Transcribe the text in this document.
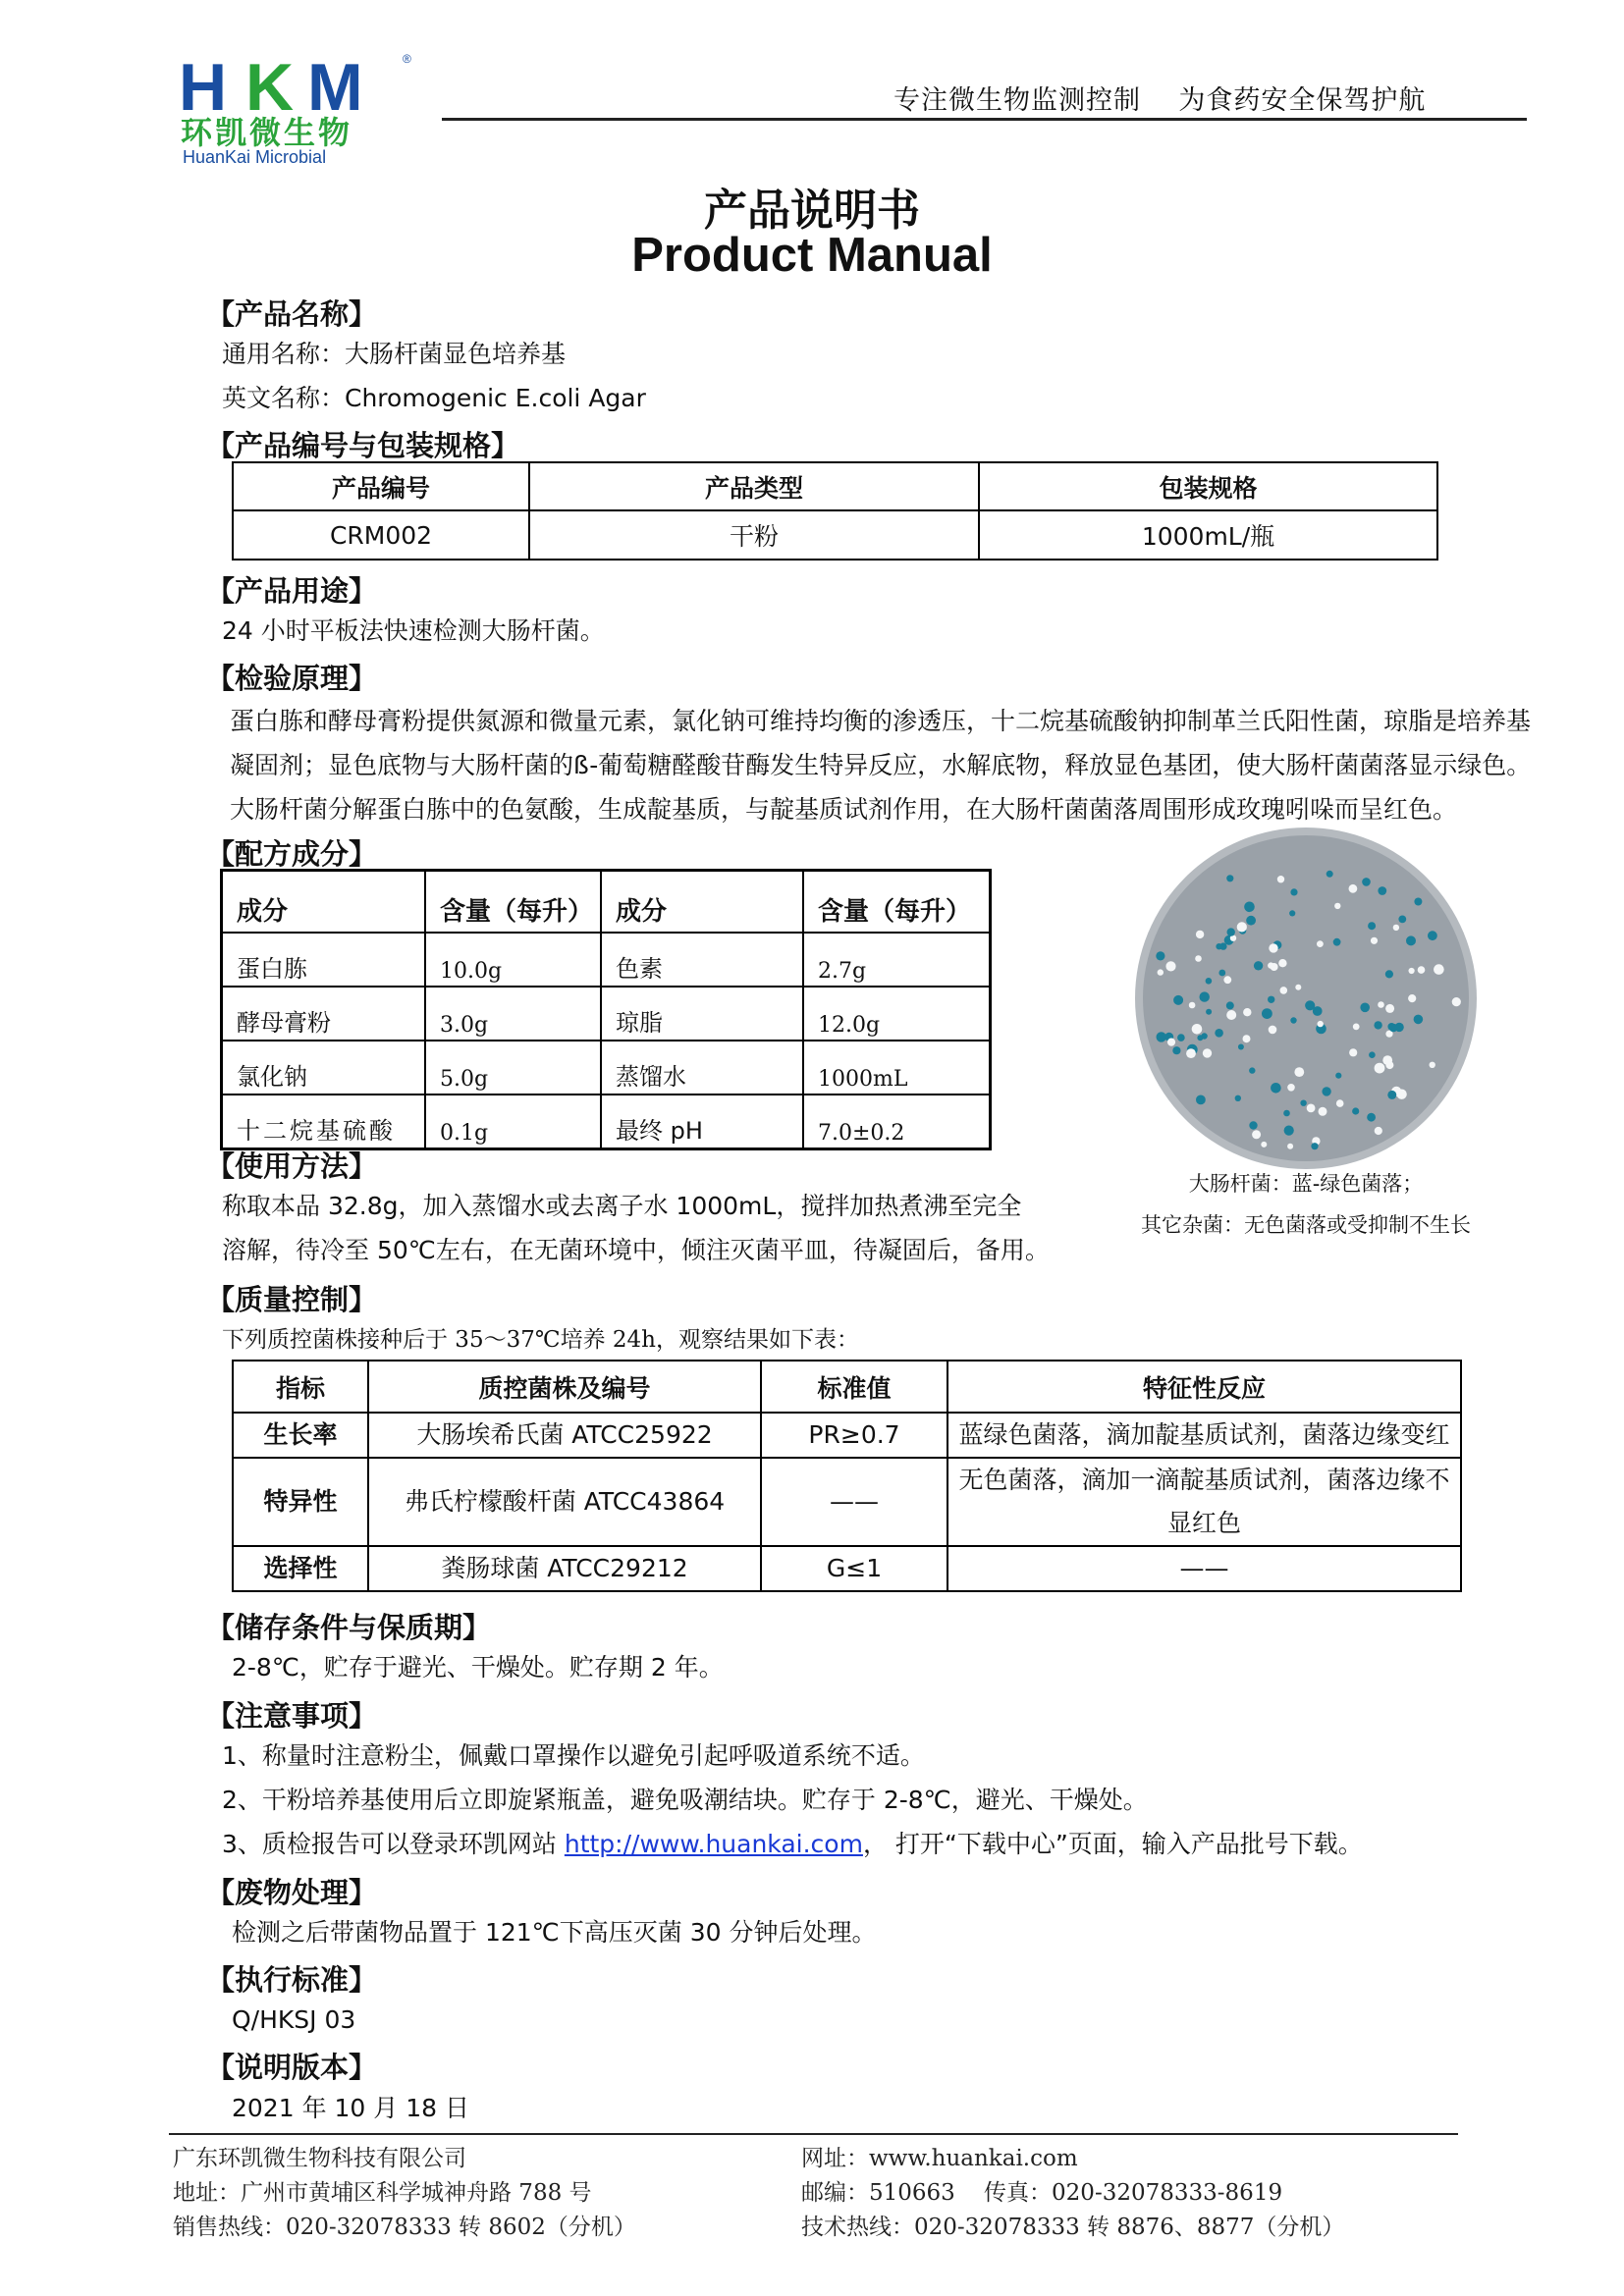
H K M	®
环凯微生物
HuanKai Microbial
专注微生物监测控制    为食药安全保驾护航
产品说明书
Product Manual
【产品名称】
通用名称：大肠杆菌显色培养基
英文名称：Chromogenic E.coli Agar
【产品编号与包装规格】
产品编号	产品类型	包装规格
CRM002	干粉	1000mL/瓶
【产品用途】
24 小时平板法快速检测大肠杆菌。
【检验原理】
蛋白胨和酵母膏粉提供氮源和微量元素，氯化钠可维持均衡的渗透压，十二烷基硫酸钠抑制革兰氏阳性菌，琼脂是培养基凝固剂；显色底物与大肠杆菌的ß-葡萄糖醛酸苷酶发生特异反应，水解底物，释放显色基团，使大肠杆菌菌落显示绿色。大肠杆菌分解蛋白胨中的色氨酸，生成靛基质，与靛基质试剂作用，在大肠杆菌菌落周围形成玫瑰吲哚而呈红色。
【配方成分】
成分	含量（每升）	成分	含量（每升）
蛋白胨	10.0g	色素	2.7g
酵母膏粉	3.0g	琼脂	12.0g
氯化钠	5.0g	蒸馏水	1000mL
十二烷基硫酸	0.1g	最终 pH	7.0±0.2
大肠杆菌：蓝-绿色菌落；
其它杂菌：无色菌落或受抑制不生长
【使用方法】
称取本品 32.8g，加入蒸馏水或去离子水 1000mL，搅拌加热煮沸至完全
溶解，待冷至 50℃左右，在无菌环境中，倾注灭菌平皿，待凝固后，备用。
【质量控制】
下列质控菌株接种后于 35～37℃培养 24h，观察结果如下表：
指标	质控菌株及编号	标准值	特征性反应
生长率	大肠埃希氏菌 ATCC25922	PR≥0.7	蓝绿色菌落，滴加靛基质试剂，菌落边缘变红
特异性	弗氏柠檬酸杆菌 ATCC43864	——	无色菌落，滴加一滴靛基质试剂，菌落边缘不显红色
选择性	粪肠球菌 ATCC29212	G≤1	——
【储存条件与保质期】
2-8℃，贮存于避光、干燥处。贮存期 2 年。
【注意事项】
1、称量时注意粉尘，佩戴口罩操作以避免引起呼吸道系统不适。
2、干粉培养基使用后立即旋紧瓶盖，避免吸潮结块。贮存于 2-8℃，避光、干燥处。
3、质检报告可以登录环凯网站 http://www.huankai.com， 打开“下载中心”页面，输入产品批号下载。
【废物处理】
检测之后带菌物品置于 121℃下高压灭菌 30 分钟后处理。
【执行标准】
Q/HKSJ 03
【说明版本】
2021 年 10 月 18 日
广东环凯微生物科技有限公司
地址：广州市黄埔区科学城神舟路 788 号
销售热线：020-32078333 转 8602（分机）
网址：www.huankai.com
邮编：510663    传真：020-32078333-8619
技术热线：020-32078333 转 8876、8877（分机）
